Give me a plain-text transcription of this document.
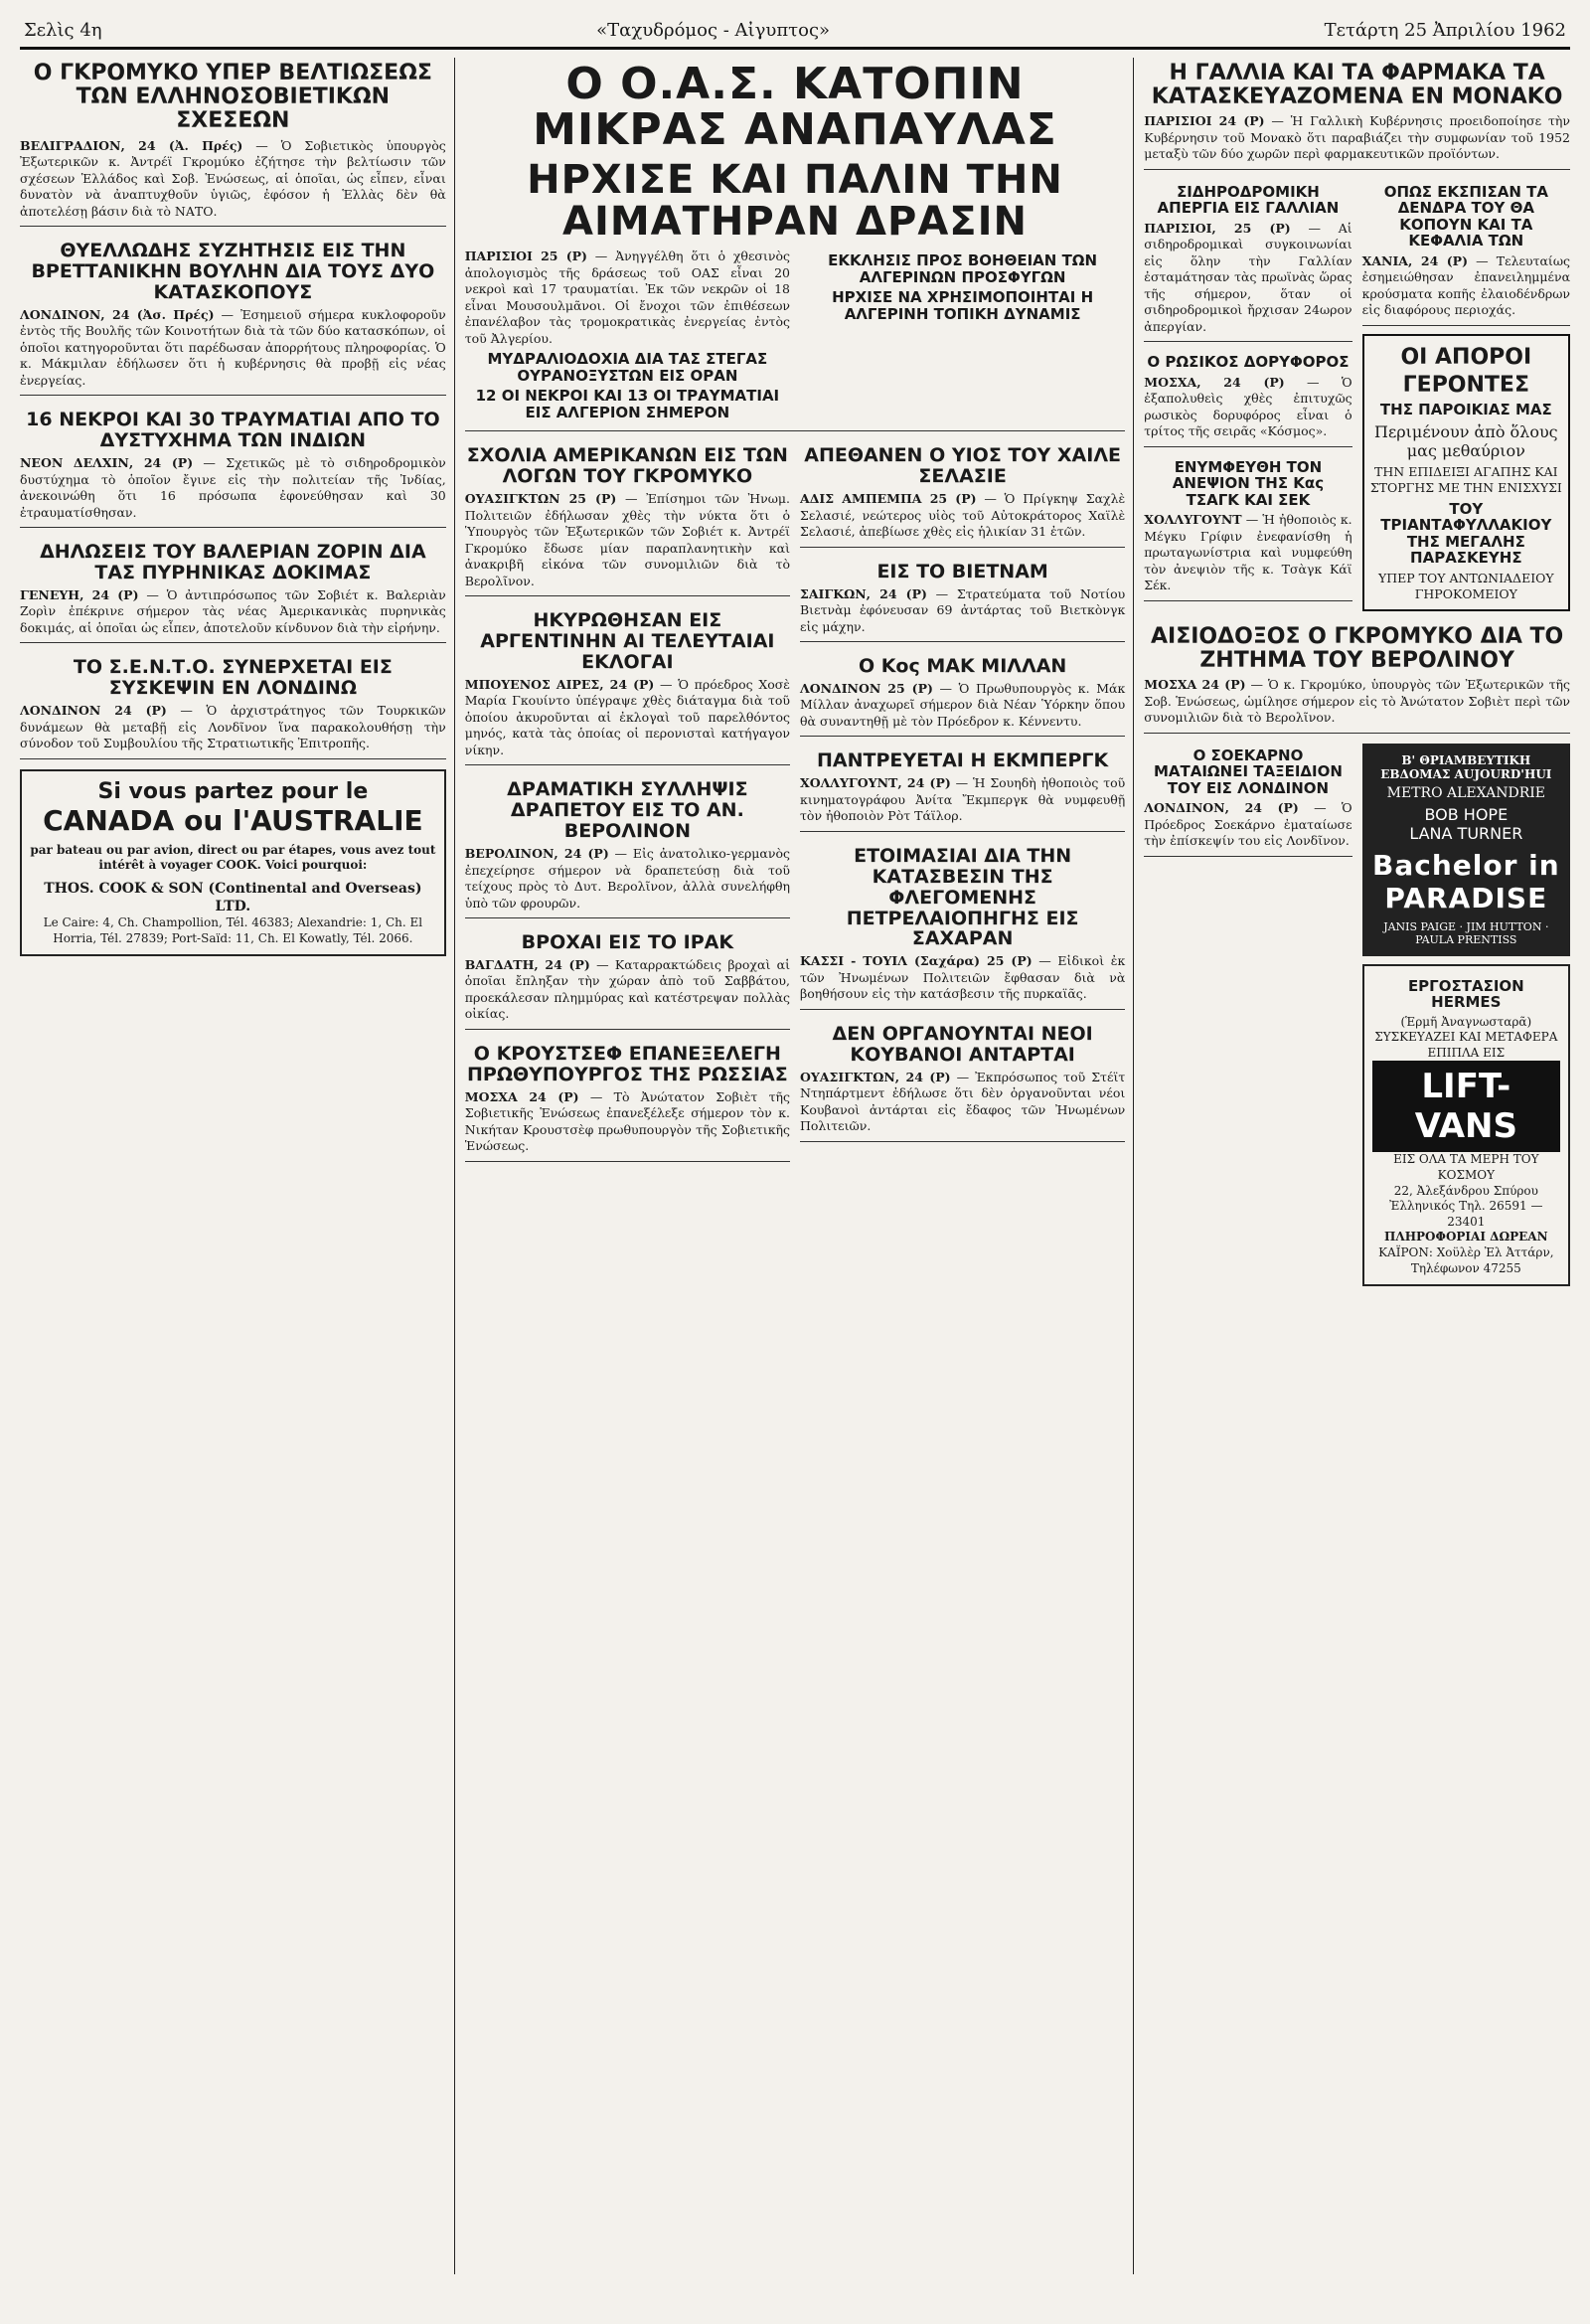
Σελὶς 4η	«Ταχυδρόμος - Αἰγυπτος»	Τετάρτη 25 Ἀπριλίου 1962
Ο ΓΚΡΟΜΥΚΟ ΥΠΕΡ ΒΕΛΤΙΩΣΕΩΣ ΤΩΝ ΕΛΛΗΝΟΣΟΒΙΕΤΙΚΩΝ ΣΧΕΣΕΩΝ

ΒΕΛΙΓΡΑΔΙΟΝ, 24 (Ἀ. Πρές) — Ὁ Σοβιετικὸς ὑπουργὸς Ἐξωτερικῶν κ. Ἀντρέϊ Γκρομύκο ἐζήτησε τὴν βελτίωσιν τῶν σχέσεων Ἑλλάδος καὶ Σοβ. Ἑνώσεως, αἱ ὁποῖαι, ὡς εἶπεν, εἶναι δυνατὸν νὰ ἀναπτυχθοῦν ὑγιῶς, ἐφόσον ἡ Ἑλλὰς δὲν θὰ ἀποτελέσῃ βάσιν διὰ τὸ ΝΑΤΟ.

ΘΥΕΛΛΩΔΗΣ ΣΥΖΗΤΗΣΙΣ ΕΙΣ ΤΗΝ ΒΡΕΤΤΑΝΙΚΗΝ ΒΟΥΛΗΝ ΔΙΑ ΤΟΥΣ ΔΥΟ ΚΑΤΑΣΚΟΠΟΥΣ

ΛΟΝΔΙΝΟΝ, 24 (Ἀσ. Πρές) — Ἐσημειοῦ σήμερα κυκλοφοροῦν ἐντὸς τῆς Βουλῆς τῶν Κοινοτήτων διὰ τὰ τῶν δύο κατασκόπων, οἱ ὁποῖοι κατηγοροῦνται ὅτι παρέδωσαν ἀπορρήτους πληροφορίας. Ὁ κ. Μάκμιλαν ἐδήλωσεν ὅτι ἡ κυβέρνησις θὰ προβῇ εἰς νέας ἐνεργείας.

16 ΝΕΚΡΟΙ ΚΑΙ 30 ΤΡΑΥΜΑΤΙΑΙ ΑΠΟ ΤΟ ΔΥΣΤΥΧΗΜΑ ΤΩΝ ΙΝΔΙΩΝ

ΝΕΟΝ ΔΕΛΧΙΝ, 24 (Ρ) — Σχετικῶς μὲ τὸ σιδηροδρομικὸν δυστύχημα τὸ ὁποῖον ἔγινε εἰς τὴν πολιτείαν τῆς Ἰνδίας, ἀνεκοινώθη ὅτι 16 πρόσωπα ἐφονεύθησαν καὶ 30 ἐτραυματίσθησαν.

ΔΗΛΩΣΕΙΣ ΤΟΥ ΒΑΛΕΡΙΑΝ ΖΟΡΙΝ ΔΙΑ ΤΑΣ ΠΥΡΗΝΙΚΑΣ ΔΟΚΙΜΑΣ

ΓΕΝΕΥΗ, 24 (Ρ) — Ὁ ἀντιπρόσωπος τῶν Σοβιέτ κ. Βαλεριὰν Ζορὶν ἐπέκρινε σήμερον τὰς νέας Ἀμερικανικὰς πυρηνικὰς δοκιμάς, αἱ ὁποῖαι ὡς εἶπεν, ἀποτελοῦν κίνδυνον διὰ τὴν εἰρήνην.

ΤΟ Σ.Ε.Ν.Τ.Ο. ΣΥΝΕΡΧΕΤΑΙ ΕΙΣ ΣΥΣΚΕΨΙΝ ΕΝ ΛΟΝΔΙΝΩ

ΛΟΝΔΙΝΟΝ 24 (Ρ) — Ὁ ἀρχιστράτηγος τῶν Τουρκικῶν δυνάμεων θὰ μεταβῇ εἰς Λονδῖνον ἵνα παρακολουθήσῃ τὴν σύνοδον τοῦ Συμβουλίου τῆς Στρατιωτικῆς Ἐπιτροπῆς.

Si vous partez pour le
CANADA ou l'AUSTRALIE
par bateau ou par avion, direct ou par étapes, vous avez tout intérêt à voyager COOK. Voici pourquoi:
THOS. COOK & SON (Continental and Overseas) LTD.
Le Caire: 4, Ch. Champollion, Tél. 46383; Alexandrie: 1, Ch. El Horria, Tél. 27839; Port-Saïd: 11, Ch. El Kowatly, Tél. 2066.
Ο Ο.Α.Σ. ΚΑΤΟΠΙΝ ΜΙΚΡΑΣ ΑΝΑΠΑΥΛΑΣ
ΗΡΧΙΣΕ ΚΑΙ ΠΑΛΙΝ ΤΗΝ ΑΙΜΑΤΗΡΑΝ ΔΡΑΣΙΝ

ΠΑΡΙΣΙΟΙ 25 (Ρ) — Ἀνηγγέλθη ὅτι ὁ χθεσινὸς ἀπολογισμὸς τῆς δράσεως τοῦ ΟΑΣ εἶναι 20 νεκροὶ καὶ 17 τραυματίαι. Ἐκ τῶν νεκρῶν οἱ 18 εἶναι Μουσουλμᾶνοι. Οἱ ἔνοχοι τῶν ἐπιθέσεων ἐπανέλαβον τὰς τρομοκρατικὰς ἐνεργείας ἐντὸς τοῦ Ἀλγερίου.

ΜΥΔΡΑΛΙΟΔΟΧΙΑ ΔΙΑ ΤΑΣ ΣΤΕΓΑΣ ΟΥΡΑΝΟΞΥΣΤΩΝ ΕΙΣ ΟΡΑΝ
12 ΟΙ ΝΕΚΡΟΙ ΚΑΙ 13 ΟΙ ΤΡΑΥΜΑΤΙΑΙ ΕΙΣ ΑΛΓΕΡΙΟΝ ΣΗΜΕΡΟΝ
ΕΚΚΛΗΣΙΣ ΠΡΟΣ ΒΟΗΘΕΙΑΝ ΤΩΝ ΑΛΓΕΡΙΝΩΝ ΠΡΟΣΦΥΓΩΝ
ΗΡΧΙΣΕ ΝΑ ΧΡΗΣΙΜΟΠΟΙΗΤΑΙ Η ΑΛΓΕΡΙΝΗ ΤΟΠΙΚΗ ΔΥΝΑΜΙΣ
ΣΧΟΛΙΑ ΑΜΕΡΙΚΑΝΩΝ ΕΙΣ ΤΩΝ ΛΟΓΩΝ ΤΟΥ ΓΚΡΟΜΥΚΟ

ΟΥΑΣΙΓΚΤΩΝ 25 (Ρ) — Ἐπίσημοι τῶν Ἠνωμ. Πολιτειῶν ἐδήλωσαν χθὲς τὴν νύκτα ὅτι ὁ Ὑπουργὸς τῶν Ἐξωτερικῶν τῶν Σοβιέτ κ. Ἀντρέϊ Γκρομύκο ἔδωσε μίαν παραπλανητικὴν καὶ ἀνακριβῆ εἰκόνα τῶν συνομιλιῶν διὰ τὸ Βερολῖνον.

ΗΚΥΡΩΘΗΣΑΝ ΕΙΣ ΑΡΓΕΝΤΙΝΗΝ ΑΙ ΤΕΛΕΥΤΑΙΑΙ ΕΚΛΟΓΑΙ

ΜΠΟΥΕΝΟΣ ΑΙΡΕΣ, 24 (Ρ) — Ὁ πρόεδρος Χοσὲ Μαρία Γκουίντο ὑπέγραψε χθὲς διάταγμα διὰ τοῦ ὁποίου ἀκυροῦνται αἱ ἐκλογαὶ τοῦ παρελθόντος μηνός, κατὰ τὰς ὁποίας οἱ περονισταὶ κατήγαγον νίκην.

ΔΡΑΜΑΤΙΚΗ ΣΥΛΛΗΨΙΣ ΔΡΑΠΕΤΟΥ ΕΙΣ ΤΟ ΑΝ. ΒΕΡΟΛΙΝΟΝ

ΒΕΡΟΛΙΝΟΝ, 24 (Ρ) — Εἰς ἀνατολικο-γερμανὸς ἐπεχείρησε σήμερον νὰ δραπετεύσῃ διὰ τοῦ τείχους πρὸς τὸ Δυτ. Βερολῖνον, ἀλλὰ συνελήφθη ὑπὸ τῶν φρουρῶν.

ΒΡΟΧΑΙ ΕΙΣ ΤΟ ΙΡΑΚ

ΒΑΓΔΑΤΗ, 24 (Ρ) — Καταρρακτώδεις βροχαὶ αἱ ὁποῖαι ἔπληξαν τὴν χώραν ἀπὸ τοῦ Σαββάτου, προεκάλεσαν πλημμύρας καὶ κατέστρεψαν πολλὰς οἰκίας.

Ο ΚΡΟΥΣΤΣΕΦ ΕΠΑΝΕΞΕΛΕΓΗ ΠΡΩΘΥΠΟΥΡΓΟΣ ΤΗΣ ΡΩΣΣΙΑΣ

ΜΟΣΧΑ 24 (Ρ) — Τὸ Ἀνώτατον Σοβιὲτ τῆς Σοβιετικῆς Ἑνώσεως ἐπανεξέλεξε σήμερον τὸν κ. Νικήταν Κρουστσὲφ πρωθυπουργὸν τῆς Σοβιετικῆς Ἑνώσεως.

ΑΠΕΘΑΝΕΝ Ο ΥΙΟΣ ΤΟΥ ΧΑΙΛΕ ΣΕΛΑΣΙΕ

ΑΔΙΣ ΑΜΠΕΜΠΑ 25 (Ρ) — Ὁ Πρίγκηψ Σαχλὲ Σελασιέ, νεώτερος υἱὸς τοῦ Αὐτοκράτορος Χαϊλὲ Σελασιέ, ἀπεβίωσε χθὲς εἰς ἡλικίαν 31 ἐτῶν.

ΕΙΣ ΤΟ ΒΙΕΤΝΑΜ

ΣΑΙΓΚΩΝ, 24 (Ρ) — Στρατεύματα τοῦ Νοτίου Βιετνὰμ ἐφόνευσαν 69 ἀντάρτας τοῦ Βιετκὸνγκ εἰς μάχην.

Ο Κος ΜΑΚ ΜΙΛΛΑΝ

ΛΟΝΔΙΝΟΝ 25 (Ρ) — Ὁ Πρωθυπουργὸς κ. Μάκ Μίλλαν ἀναχωρεῖ σήμερον διὰ Νέαν Ὑόρκην ὅπου θὰ συναντηθῇ μὲ τὸν Πρόεδρον κ. Κέννεντυ.

ΠΑΝΤΡΕΥΕΤΑΙ Η ΕΚΜΠΕΡΓΚ

ΧΟΛΛΥΓΟΥΝΤ, 24 (Ρ) — Ἡ Σουηδὴ ἠθοποιὸς τοῦ κινηματογράφου Ἀνίτα Ἔκμπεργκ θὰ νυμφευθῇ τὸν ἠθοποιὸν Ρὸτ Τάϊλορ.

ΕΤΟΙΜΑΣΙΑΙ ΔΙΑ ΤΗΝ ΚΑΤΑΣΒΕΣΙΝ ΤΗΣ ΦΛΕΓΟΜΕΝΗΣ ΠΕΤΡΕΛΑΙΟΠΗΓΗΣ ΕΙΣ ΣΑΧΑΡΑΝ

ΚΑΣΣΙ - ΤΟΥΙΛ (Σαχάρα) 25 (Ρ) — Εἰδικοὶ ἐκ τῶν Ἠνωμένων Πολιτειῶν ἔφθασαν διὰ νὰ βοηθήσουν εἰς τὴν κατάσβεσιν τῆς πυρκαϊᾶς.

ΔΕΝ ΟΡΓΑΝΟΥΝΤΑΙ ΝΕΟΙ ΚΟΥΒΑΝΟΙ ΑΝΤΑΡΤΑΙ

ΟΥΑΣΙΓΚΤΩΝ, 24 (Ρ) — Ἐκπρόσωπος τοῦ Στέϊτ Ντηπάρτμεντ ἐδήλωσε ὅτι δὲν ὀργανοῦνται νέοι Κουβανοὶ ἀντάρται εἰς ἔδαφος τῶν Ἠνωμένων Πολιτειῶν.

Η ΓΑΛΛΙΑ ΚΑΙ ΤΑ ΦΑΡΜΑΚΑ ΤΑ ΚΑΤΑΣΚΕΥΑΖΟΜΕΝΑ ΕΝ ΜΟΝΑΚΟ

ΠΑΡΙΣΙΟΙ 24 (Ρ) — Ἡ Γαλλικὴ Κυβέρνησις προειδοποίησε τὴν Κυβέρνησιν τοῦ Μονακὸ ὅτι παραβιάζει τὴν συμφωνίαν τοῦ 1952 μεταξὺ τῶν δύο χωρῶν περὶ φαρμακευτικῶν προϊόντων.

ΣΙΔΗΡΟΔΡΟΜΙΚΗ ΑΠΕΡΓΙΑ ΕΙΣ ΓΑΛΛΙΑΝ

ΠΑΡΙΣΙΟΙ, 25 (Ρ) — Αἱ σιδηροδρομικαὶ συγκοινωνίαι εἰς ὅλην τὴν Γαλλίαν ἐσταμάτησαν τὰς πρωϊνὰς ὥρας τῆς σήμερον, ὅταν οἱ σιδηροδρομικοὶ ἤρχισαν 24ωρον ἀπεργίαν.

Ο ΡΩΣΙΚΟΣ ΔΟΡΥΦΟΡΟΣ

ΜΟΣΧΑ, 24 (Ρ) — Ὁ ἐξαπολυθεὶς χθὲς ἐπιτυχῶς ρωσικὸς δορυφόρος εἶναι ὁ τρίτος τῆς σειρᾶς «Κόσμος».

ΕΝΥΜΦΕΥΘΗ ΤΟΝ ΑΝΕΨΙΟΝ ΤΗΣ Κας ΤΣΑΓΚ ΚΑΙ ΣΕΚ

ΧΟΛΛΥΓΟΥΝΤ — Ἡ ἠθοποιὸς κ. Μέγκυ Γρίφιν ἐνεφανίσθη ἡ πρωταγωνίστρια καὶ νυμφεύθη τὸν ἀνεψιὸν τῆς κ. Τσὰγκ Κάϊ Σέκ.

ΟΠΩΣ ΕΚΣΠΙΣΑΝ ΤΑ ΔΕΝΔΡΑ ΤΟΥ ΘΑ ΚΟΠΟΥΝ ΚΑΙ ΤΑ ΚΕΦΑΛΙΑ ΤΩΝ

ΧΑΝΙΑ, 24 (Ρ) — Τελευταίως ἐσημειώθησαν ἐπανειλημμένα κρούσματα κοπῆς ἐλαιοδένδρων εἰς διαφόρους περιοχάς.

ΟΙ ΑΠΟΡΟΙ
ΓΕΡΟΝΤΕΣ
ΤΗΣ ΠΑΡΟΙΚΙΑΣ ΜΑΣ
Περιμένουν ἀπὸ ὅλους μας μεθαύριον
ΤΗΝ ΕΠΙΔΕΙΞΙ ΑΓΑΠΗΣ ΚΑΙ ΣΤΟΡΓΗΣ ΜΕ ΤΗΝ ΕΝΙΣΧΥΣΙ
ΤΟΥ ΤΡΙΑΝΤΑΦΥΛΛΑΚΙΟΥ ΤΗΣ ΜΕΓΑΛΗΣ ΠΑΡΑΣΚΕΥΗΣ
ΥΠΕΡ ΤΟΥ ΑΝΤΩΝΙΑΔΕΙΟΥ ΓΗΡΟΚΟΜΕΙΟΥ
ΑΙΣΙΟΔΟΞΟΣ Ο ΓΚΡΟΜΥΚΟ ΔΙΑ ΤΟ ΖΗΤΗΜΑ ΤΟΥ ΒΕΡΟΛΙΝΟΥ

ΜΟΣΧΑ 24 (Ρ) — Ὁ κ. Γκρομύκο, ὑπουργὸς τῶν Ἐξωτερικῶν τῆς Σοβ. Ἑνώσεως, ὡμίλησε σήμερον εἰς τὸ Ἀνώτατον Σοβιὲτ περὶ τῶν συνομιλιῶν διὰ τὸ Βερολῖνον.

Ο ΣΟΕΚΑΡΝΟ ΜΑΤΑΙΩΝΕΙ ΤΑΞΕΙΔΙΟΝ ΤΟΥ ΕΙΣ ΛΟΝΔΙΝΟΝ

ΛΟΝΔΙΝΟΝ, 24 (Ρ) — Ὁ Πρόεδρος Σοεκάρνο ἐματαίωσε τὴν ἐπίσκεψίν του εἰς Λονδῖνον.

Β' ΘΡΙΑΜΒΕΥΤΙΚΗ ΕΒΔΟΜΑΣ ΑUJOURD'HUI
METRO ALEXANDRIE
BOB HOPE
LANA TURNER
Bachelor in PARADISE
JANIS PAIGE · JIM HUTTON · PAULA PRENTISS
ΕΡΓΟΣΤΑΣΙΟΝ HERMES
(Ἑρμῆ Ἀναγνωσταρᾶ)
ΣΥΣΚΕΥΑΖΕΙ ΚΑΙ ΜΕΤΑΦΕΡΑ ΕΠΙΠΛΑ ΕΙΣ
LIFT-VANS
ΕΙΣ ΟΛΑ ΤΑ ΜΕΡΗ ΤΟΥ ΚΟΣΜΟΥ
22, Ἀλεξάνδρου Σπύρου Ἐλληνικός Τηλ. 26591 — 23401
ΠΛΗΡΟΦΟΡΙΑΙ ΔΩΡΕΑΝ
ΚΑΪΡΟΝ: Χοϋλὲρ Ἐλ Ἀττάρν, Τηλέφωνον 47255
